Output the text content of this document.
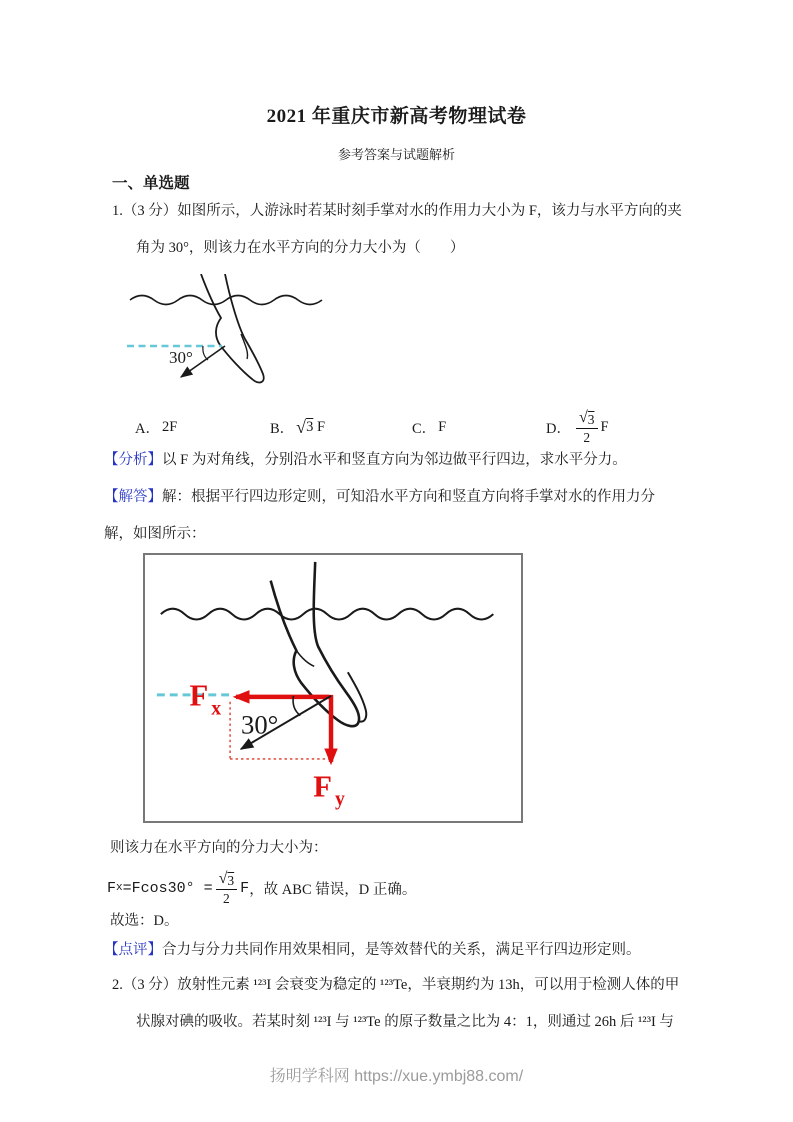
2021 年重庆市新高考物理试卷
参考答案与试题解析
一、单选题
1.（3 分）如图所示，人游泳时若某时刻手掌对水的作用力大小为 F，该力与水平方向的夹
角为 30°，则该力在水平方向的分力大小为（　　）
30°
A． 2F	B． √ 3
F	C． F	D． $\frac{√ 3}{2}$ F
【分析】以 F 为对角线，分别沿水平和竖直方向为邻边做平行四边，求水平分力。
【解答】解：根据平行四边形定则，可知沿水平方向和竖直方向将手掌对水的作用力分
解，如图所示：
30°
F x
F y
则该力在水平方向的分力大小为：
F $x =Fcos30^\circ = \frac{√ 3}{2}$ F ，故 ABC 错误，D 正确。
故选：D。
【点评】合力与分力共同作用效果相同，是等效替代的关系，满足平行四边形定则。
2.（3 分）放射性元素 ¹²³I 会衰变为稳定的 ¹²³Te，半衰期约为 13h，可以用于检测人体的甲
状腺对碘的吸收。若某时刻 ¹²³I 与 ¹²³Te 的原子数量之比为 4：1，则通过 26h 后 ¹²³I 与
扬明学科网 https://xue.ymbj88.com/
